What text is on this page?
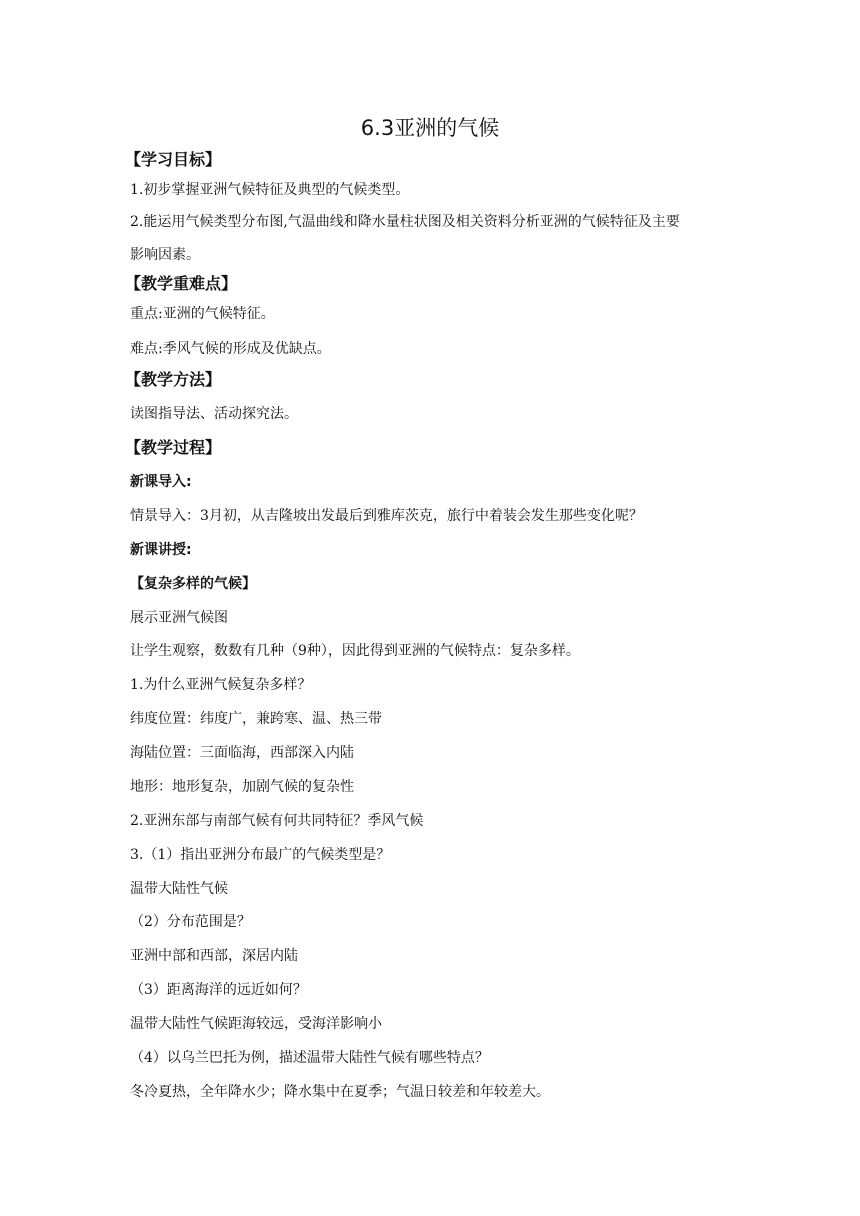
6.3亚洲的气候
【学习目标】
1.初步掌握亚洲气候特征及典型的气候类型。
2.能运用气候类型分布图,气温曲线和降水量柱状图及相关资料分析亚洲的气候特征及主要
影响因素。
【教学重难点】
重点:亚洲的气候特征。
难点:季风气候的形成及优缺点。
【教学方法】
读图指导法、活动探究法。
【教学过程】
新课导入:
情景导入：3月初，从吉隆坡出发最后到雅库茨克，旅行中着装会发生那些变化呢？
新课讲授:
【复杂多样的气候】
展示亚洲气候图
让学生观察，数数有几种（9种），因此得到亚洲的气候特点：复杂多样。
1.为什么亚洲气候复杂多样？
纬度位置：纬度广，兼跨寒、温、热三带
海陆位置：三面临海，西部深入内陆
地形：地形复杂，加剧气候的复杂性
2.亚洲东部与南部气候有何共同特征？季风气候
3.（1）指出亚洲分布最广的气候类型是？
温带大陆性气候
（2）分布范围是？
亚洲中部和西部，深居内陆
（3）距离海洋的远近如何？
温带大陆性气候距海较远，受海洋影响小
（4）以乌兰巴托为例，描述温带大陆性气候有哪些特点？
冬冷夏热，全年降水少；降水集中在夏季；气温日较差和年较差大。
